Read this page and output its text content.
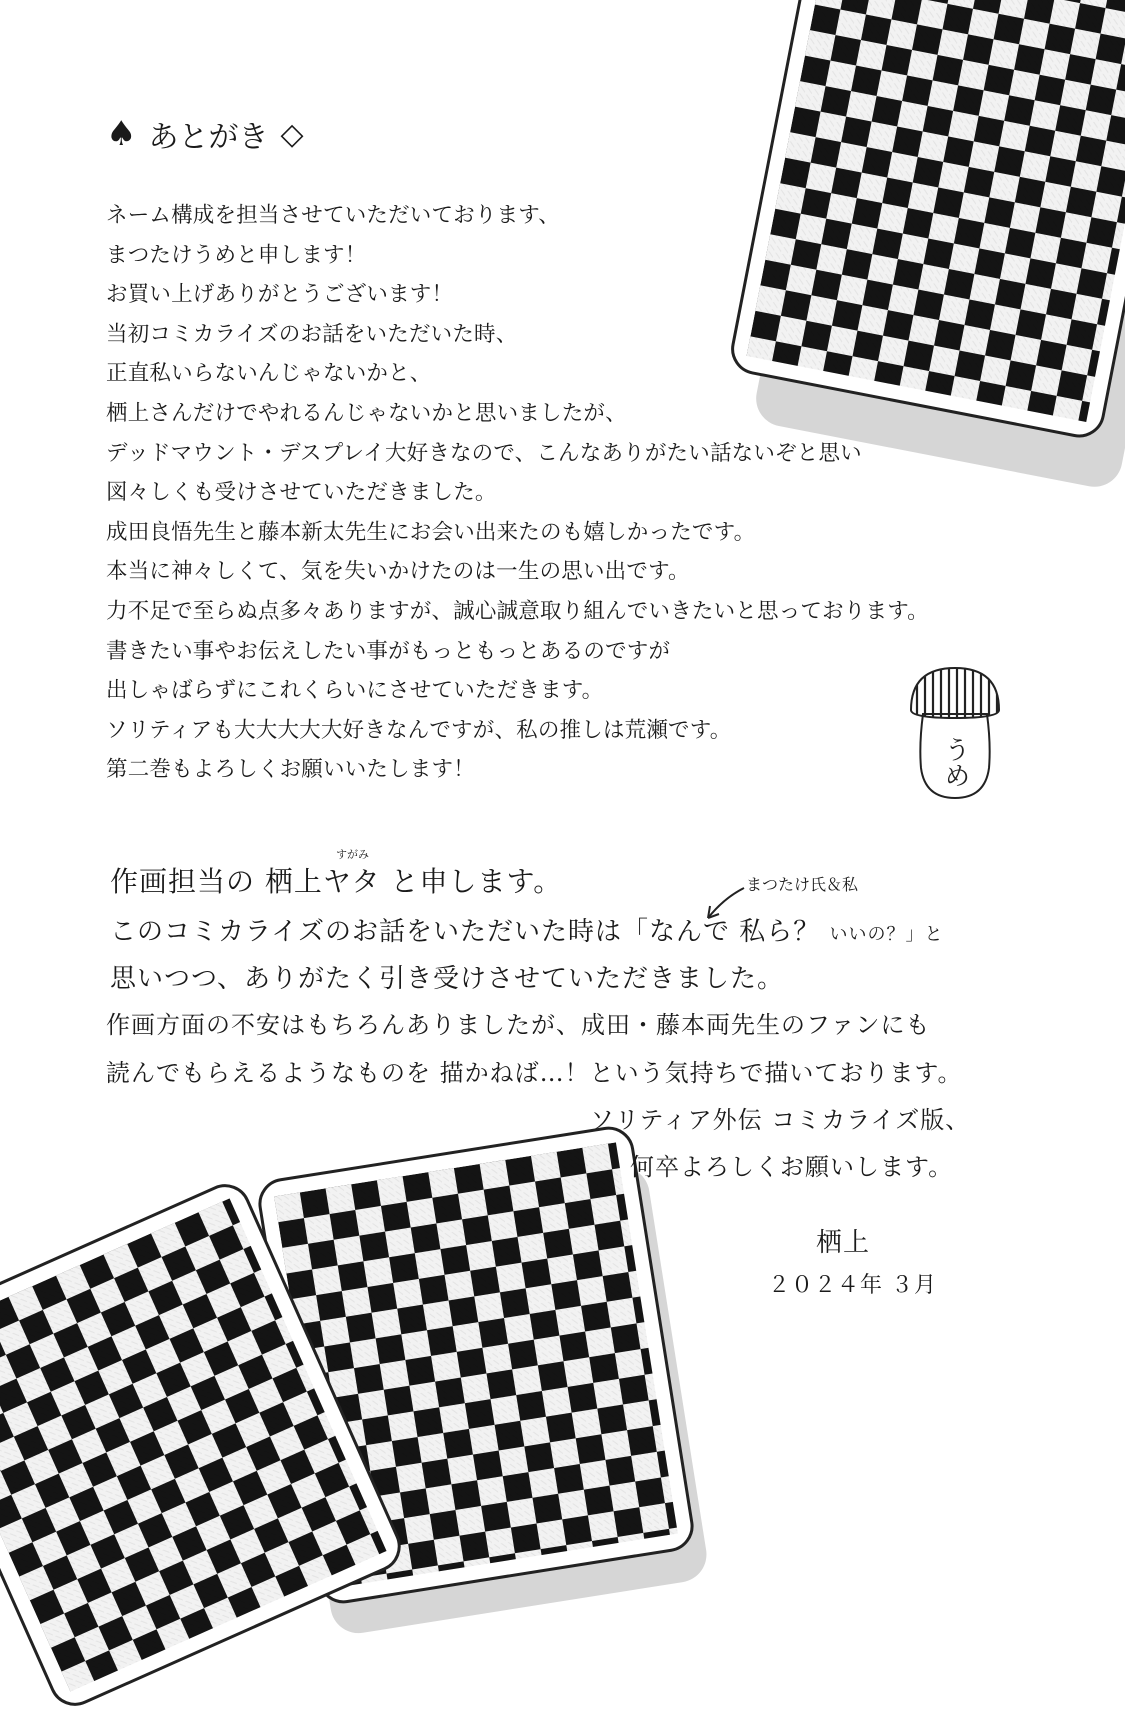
♠ あとがき ◇
ネーム構成を担当させていただいております、
まつたけうめと申します！
お買い上げありがとうございます！
当初コミカライズのお話をいただいた時、
正直私いらないんじゃないかと、
栖上さんだけでやれるんじゃないかと思いましたが、
デッドマウント・デスプレイ大好きなので、こんなありがたい話ないぞと思い
図々しくも受けさせていただきました。
成田良悟先生と藤本新太先生にお会い出来たのも嬉しかったです。
本当に神々しくて、気を失いかけたのは一生の思い出です。
力不足で至らぬ点多々ありますが、誠心誠意取り組んでいきたいと思っております。
書きたい事やお伝えしたい事がもっともっとあるのですが
出しゃばらずにこれくらいにさせていただきます。
ソリティアも大大大大大好きなんですが、私の推しは荒瀬です。
第二巻もよろしくお願いいたします！	うめ
作画担当の 栖上ヤタ と申します。
すがみ
まつたけ氏＆私
このコミカライズのお話をいただいた時は「なんで 私ら？ いいの？」と
思いつつ、ありがたく引き受けさせていただきました。
作画方面の不安はもちろんありましたが、成田・藤本両先生のファンにも
読んでもらえるようなものを 描かねば…！という気持ちで描いております。
ソリティア外伝 コミカライズ版、
何卒よろしくお願いします。
栖上
２０２４年 ３月
